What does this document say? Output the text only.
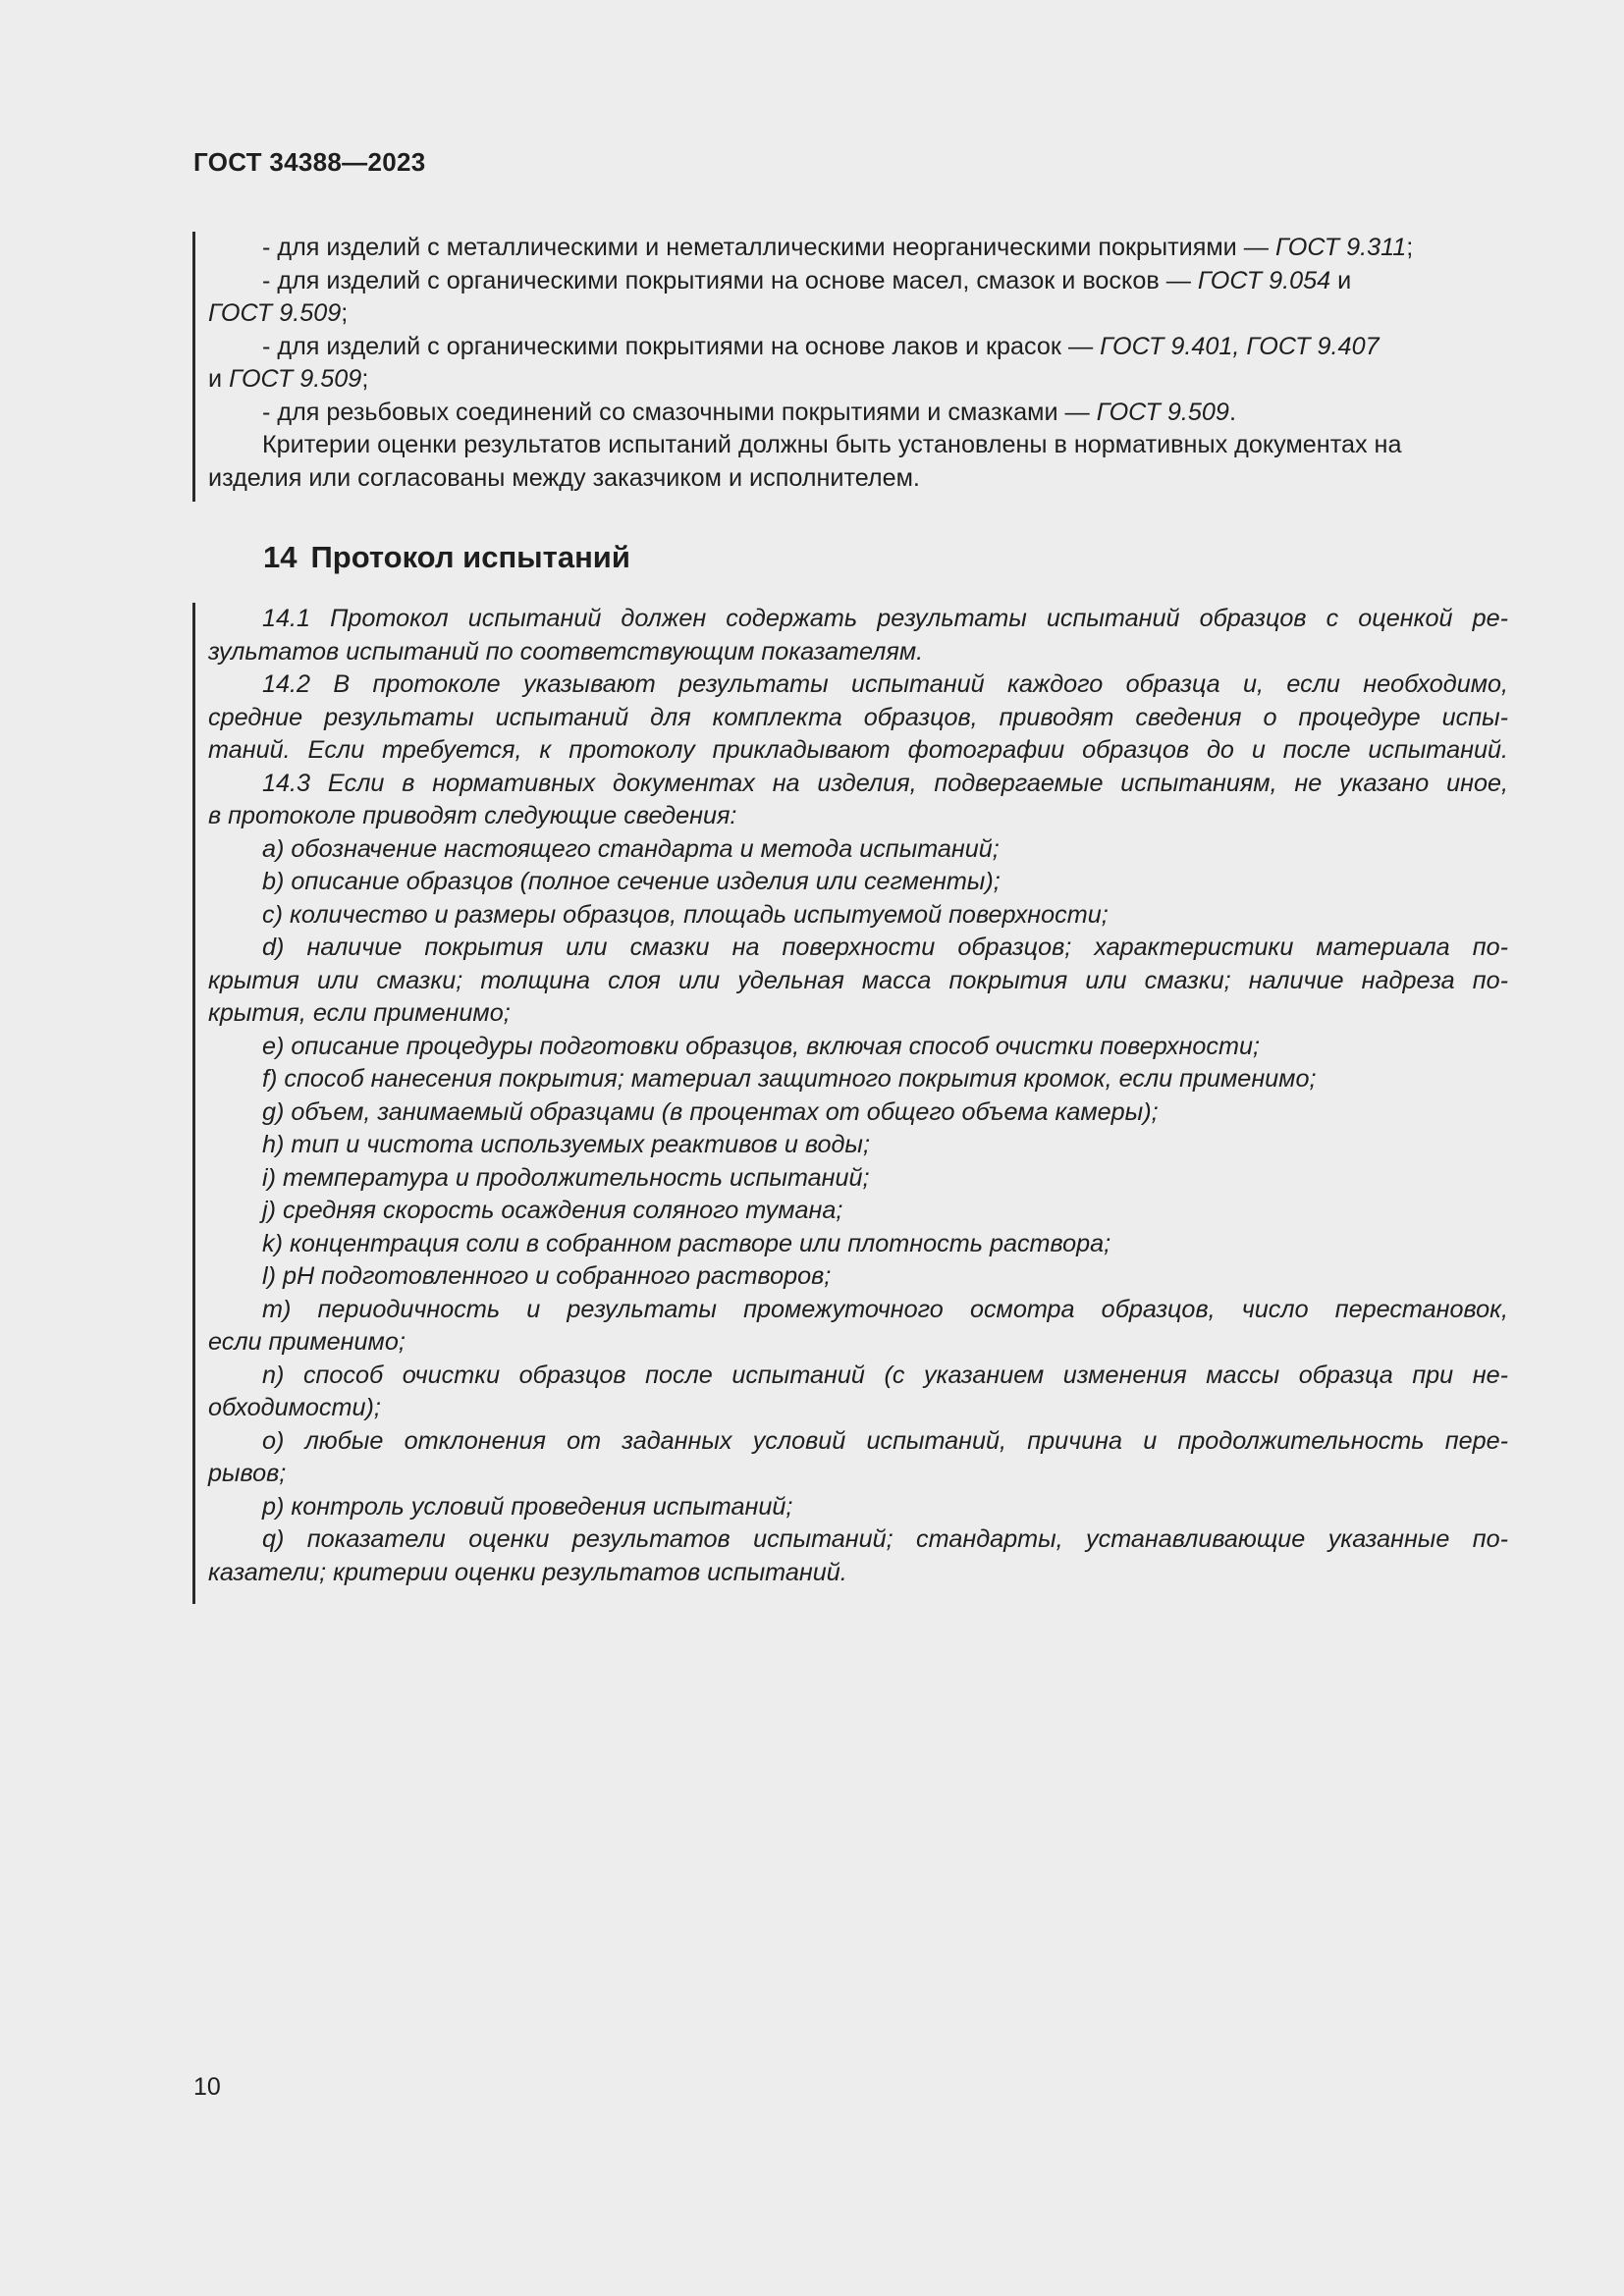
ГОСТ 34388—2023

- для изделий с металлическими и неметаллическими неорганическими покрытиями — ГОСТ 9.311;

- для изделий с органическими покрытиями на основе масел, смазок и восков — ГОСТ 9.054 и

ГОСТ 9.509;

- для изделий с органическими покрытиями на основе лаков и красок — ГОСТ 9.401, ГОСТ 9.407

и ГОСТ 9.509;

- для резьбовых соединений со смазочными покрытиями и смазками — ГОСТ 9.509.

Критерии оценки результатов испытаний должны быть установлены в нормативных документах на

изделия или согласованы между заказчиком и исполнителем.

14 Протокол испытаний

14.1 Протокол испытаний должен содержать результаты испытаний образцов с оценкой ре-

зультатов испытаний по соответствующим показателям.

14.2 В протоколе указывают результаты испытаний каждого образца и, если необходимо,

средние результаты испытаний для комплекта образцов, приводят сведения о процедуре испы-

таний. Если требуется, к протоколу прикладывают фотографии образцов до и после испытаний.

14.3 Если в нормативных документах на изделия, подвергаемые испытаниям, не указано иное,

в протоколе приводят следующие сведения:

a) обозначение настоящего стандарта и метода испытаний;

b) описание образцов (полное сечение изделия или сегменты);

c) количество и размеры образцов, площадь испытуемой поверхности;

d) наличие покрытия или смазки на поверхности образцов; характеристики материала по-

крытия или смазки; толщина слоя или удельная масса покрытия или смазки; наличие надреза по-

крытия, если применимо;

e) описание процедуры подготовки образцов, включая способ очистки поверхности;

f) способ нанесения покрытия; материал защитного покрытия кромок, если применимо;

g) объем, занимаемый образцами (в процентах от общего объема камеры);

h) тип и чистота используемых реактивов и воды;

i) температура и продолжительность испытаний;

j) средняя скорость осаждения соляного тумана;

k) концентрация соли в собранном растворе или плотность раствора;

l) pH подготовленного и собранного растворов;

m) периодичность и результаты промежуточного осмотра образцов, число перестановок,

если применимо;

n) способ очистки образцов после испытаний (с указанием изменения массы образца при не-

обходимости);

o) любые отклонения от заданных условий испытаний, причина и продолжительность пере-

рывов;

p) контроль условий проведения испытаний;

q) показатели оценки результатов испытаний; стандарты, устанавливающие указанные по-

казатели; критерии оценки результатов испытаний.

10
